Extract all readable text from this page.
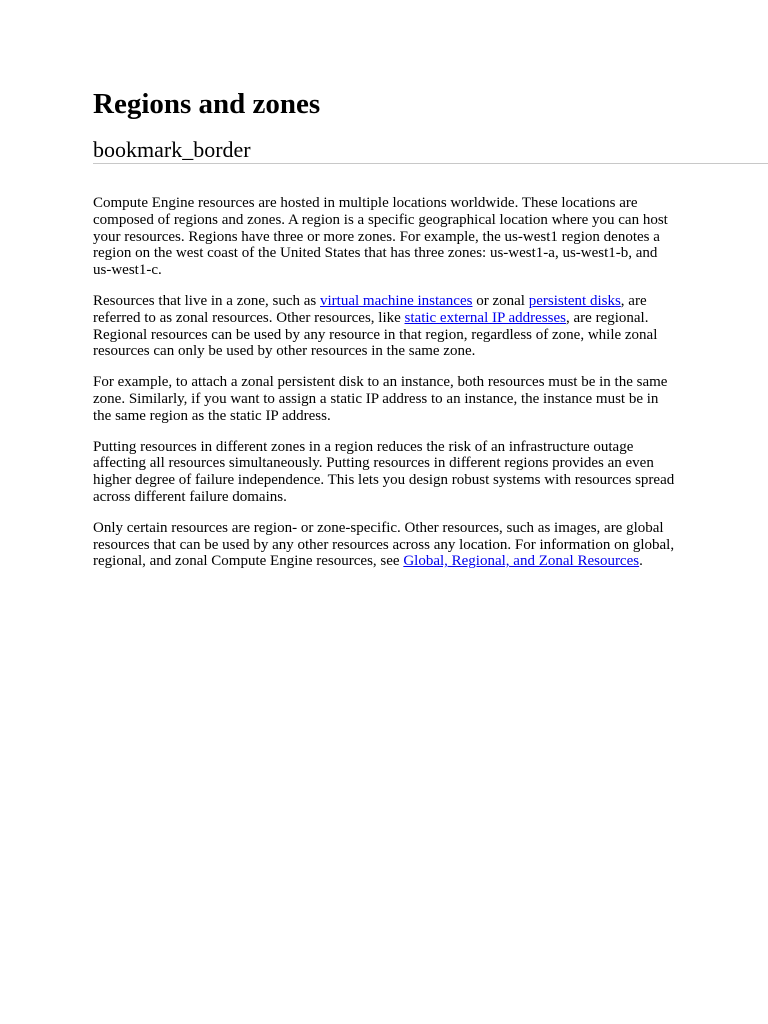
Regions and zones
bookmark_border

Compute Engine resources are hosted in multiple locations worldwide. These locations are composed of regions and zones. A region is a specific geographical location where you can host your resources. Regions have three or more zones. For example, the us-west1 region denotes a region on the west coast of the United States that has three zones: us-west1-a, us-west1-b, and us-west1-c.

Resources that live in a zone, such as virtual machine instances or zonal persistent disks, are referred to as zonal resources. Other resources, like static external IP addresses, are regional. Regional resources can be used by any resource in that region, regardless of zone, while zonal resources can only be used by other resources in the same zone.

For example, to attach a zonal persistent disk to an instance, both resources must be in the same zone. Similarly, if you want to assign a static IP address to an instance, the instance must be in the same region as the static IP address.

Putting resources in different zones in a region reduces the risk of an infrastructure outage affecting all resources simultaneously. Putting resources in different regions provides an even higher degree of failure independence. This lets you design robust systems with resources spread across different failure domains.

Only certain resources are region- or zone-specific. Other resources, such as images, are global resources that can be used by any other resources across any location. For information on global, regional, and zonal Compute Engine resources, see Global, Regional, and Zonal Resources.
